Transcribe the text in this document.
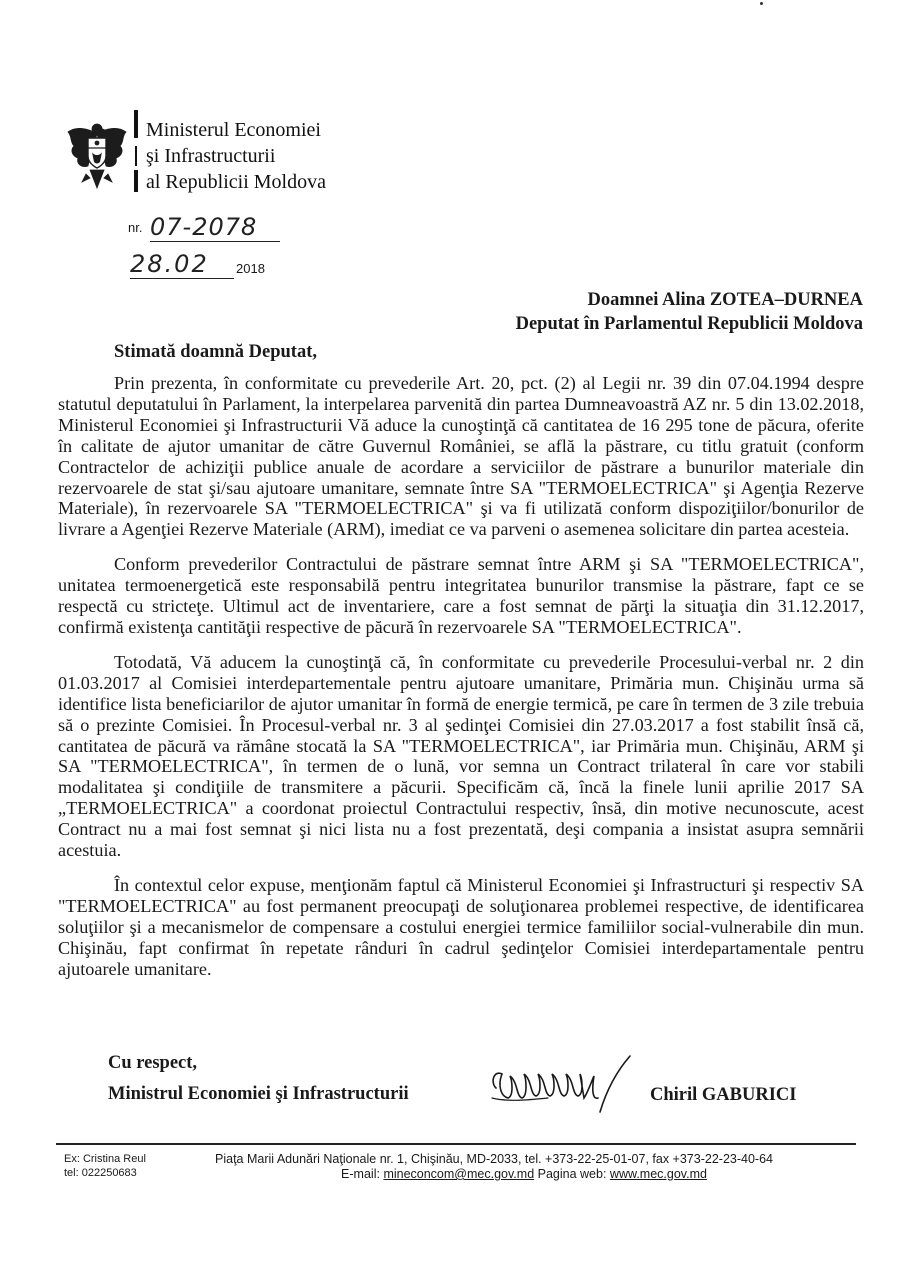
Ministerul Economiei
şi Infrastructurii
al Republicii Moldova
nr. 07-2078
28.02	2018
Doamnei Alina ZOTEA–DURNEA
Deputat în Parlamentul Republicii Moldova
Stimată doamnă Deputat,

Prin prezenta, în conformitate cu prevederile Art. 20, pct. (2) al Legii nr. 39 din 07.04.1994 despre statutul deputatului în Parlament, la interpelarea parvenită din partea Dumneavoastră AZ nr. 5 din 13.02.2018, Ministerul Economiei şi Infrastructurii Vă aduce la cunoştinţă că cantitatea de 16 295 tone de păcura, oferite în calitate de ajutor umanitar de către Guvernul României, se află la păstrare, cu titlu gratuit (conform Contractelor de achiziţii publice anuale de acordare a serviciilor de păstrare a bunurilor materiale din rezervoarele de stat şi/sau ajutoare umanitare, semnate între SA "TERMOELECTRICA" şi Agenţia Rezerve Materiale), în rezervoarele SA "TERMOELECTRICA" şi va fi utilizată conform dispoziţiilor/bonurilor de livrare a Agenţiei Rezerve Materiale (ARM), imediat ce va parveni o asemenea solicitare din partea acesteia.

Conform prevederilor Contractului de păstrare semnat între ARM şi SA "TERMOELECTRICA", unitatea termoenergetică este responsabilă pentru integritatea bunurilor transmise la păstrare, fapt ce se respectă cu stricteţe. Ultimul act de inventariere, care a fost semnat de părţi la situaţia din 31.12.2017, confirmă existenţa cantităţii respective de păcură în rezervoarele SA "TERMOELECTRICA".

Totodată, Vă aducem la cunoştinţă că, în conformitate cu prevederile Procesului-verbal nr. 2 din 01.03.2017 al Comisiei interdepartementale pentru ajutoare umanitare, Primăria mun. Chişinău urma să identifice lista beneficiarilor de ajutor umanitar în formă de energie termică, pe care în termen de 3 zile trebuia să o prezinte Comisiei. În Procesul-verbal nr. 3 al şedinţei Comisiei din 27.03.2017 a fost stabilit însă că, cantitatea de păcură va rămâne stocată la SA "TERMOELECTRICA", iar Primăria mun. Chişinău, ARM şi SA "TERMOELECTRICA", în termen de o lună, vor semna un Contract trilateral în care vor stabili modalitatea şi condiţiile de transmitere a păcurii. Specificăm că, încă la finele lunii aprilie 2017 SA „TERMOELECTRICA" a coordonat proiectul Contractului respectiv, însă, din motive necunoscute, acest Contract nu a mai fost semnat şi nici lista nu a fost prezentată, deşi compania a insistat asupra semnării acestuia.

În contextul celor expuse, menţionăm faptul că Ministerul Economiei şi Infrastructuri şi respectiv SA "TERMOELECTRICA" au fost permanent preocupaţi de soluţionarea problemei respective, de identificarea soluţiilor şi a mecanismelor de compensare a costului energiei termice familiilor social-vulnerabile din mun. Chişinău, fapt confirmat în repetate rânduri în cadrul şedinţelor Comisiei interdepartamentale pentru ajutoarele umanitare.

Cu respect,
Ministrul Economiei şi Infrastructurii	Chiril GABURICI
Ex: Cristina Reul
tel: 022250683
Piaţa Marii Adunări Naţionale nr. 1, Chişinău, MD-2033, tel. +373-22-25-01-07, fax +373-22-23-40-64
E-mail: mineconcom@mec.gov.md Pagina web: www.mec.gov.md
